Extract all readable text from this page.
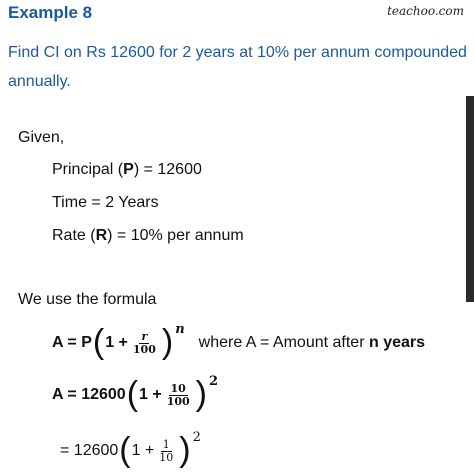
Example 8	teachoo.com
Find CI on Rs 12600 for 2 years at 10% per annum compounded
annually.
Given,
Principal (P) = 12600
Time = 2 Years
Rate (R) = 10% per annum
We use the formula
A = P ( $1 + \frac{r}{100}$ ) n
where A = Amount after
n years
A = 12600 ( $1 + \frac{10}{100}$ ) 2
= 12600 ( $1 + \frac{1}{10}$ ) 2
